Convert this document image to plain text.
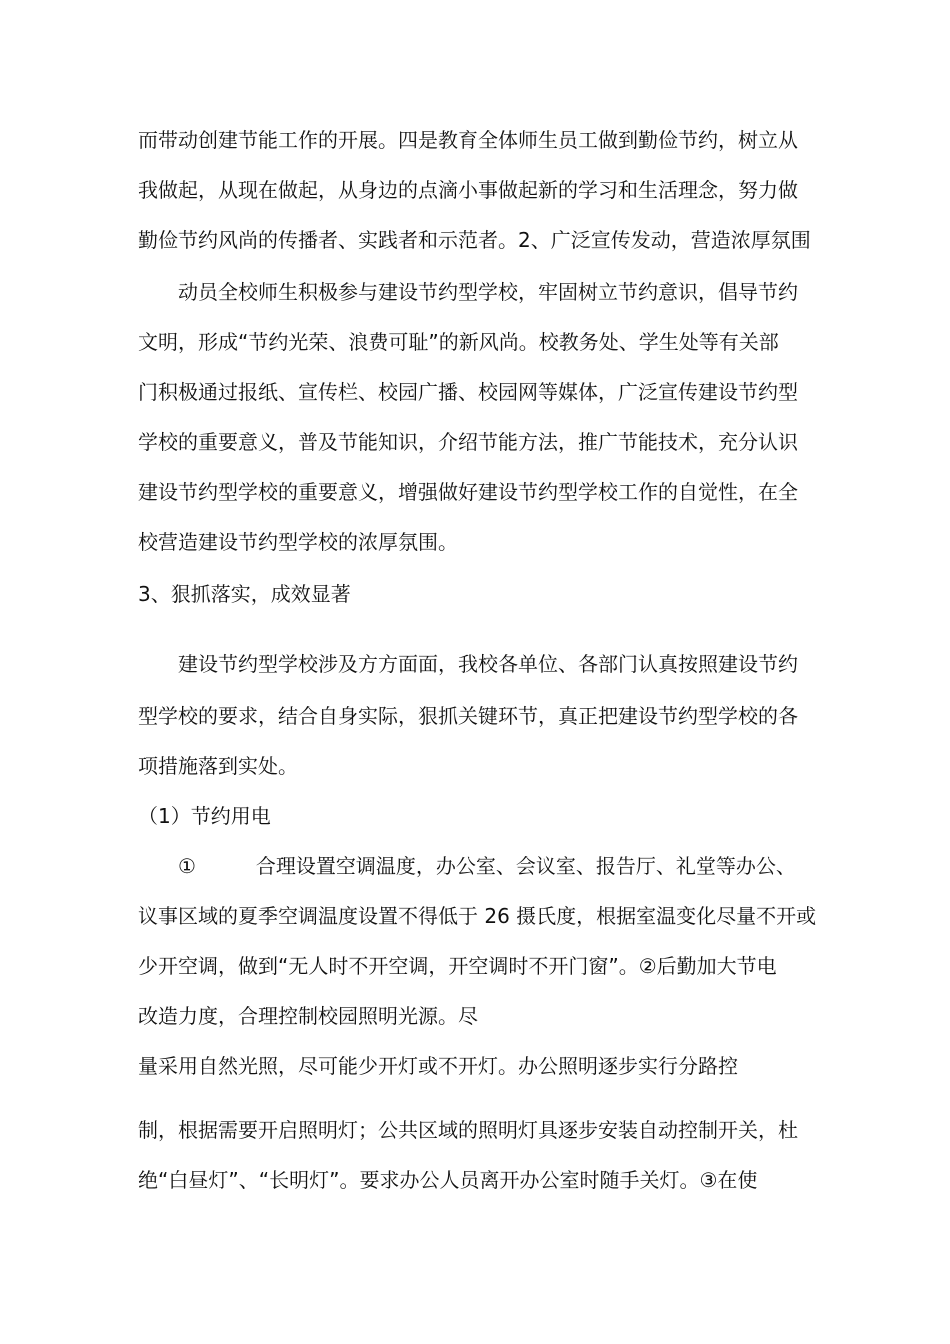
而带动创建节能工作的开展。四是教育全体师生员工做到勤俭节约，树立从

我做起，从现在做起，从身边的点滴小事做起新的学习和生活理念，努力做

勤俭节约风尚的传播者、实践者和示范者。2、广泛宣传发动，营造浓厚氛围

动员全校师生积极参与建设节约型学校，牢固树立节约意识，倡导节约

文明，形成“节约光荣、浪费可耻”的新风尚。校教务处、学生处等有关部

门积极通过报纸、宣传栏、校园广播、校园网等媒体，广泛宣传建设节约型

学校的重要意义，普及节能知识，介绍节能方法，推广节能技术，充分认识

建设节约型学校的重要意义，增强做好建设节约型学校工作的自觉性，在全

校营造建设节约型学校的浓厚氛围。

3、狠抓落实，成效显著

建设节约型学校涉及方方面面，我校各单位、各部门认真按照建设节约

型学校的要求，结合自身实际，狠抓关键环节，真正把建设节约型学校的各

项措施落到实处。

（1）节约用电

①　　　合理设置空调温度，办公室、会议室、报告厅、礼堂等办公、

议事区域的夏季空调温度设置不得低于 26 摄氏度，根据室温变化尽量不开或

少开空调，做到“无人时不开空调，开空调时不开门窗”。②后勤加大节电

改造力度，合理控制校园照明光源。尽

量采用自然光照，尽可能少开灯或不开灯。办公照明逐步实行分路控

制，根据需要开启照明灯；公共区域的照明灯具逐步安装自动控制开关，杜

绝“白昼灯”、“长明灯”。要求办公人员离开办公室时随手关灯。③在使
